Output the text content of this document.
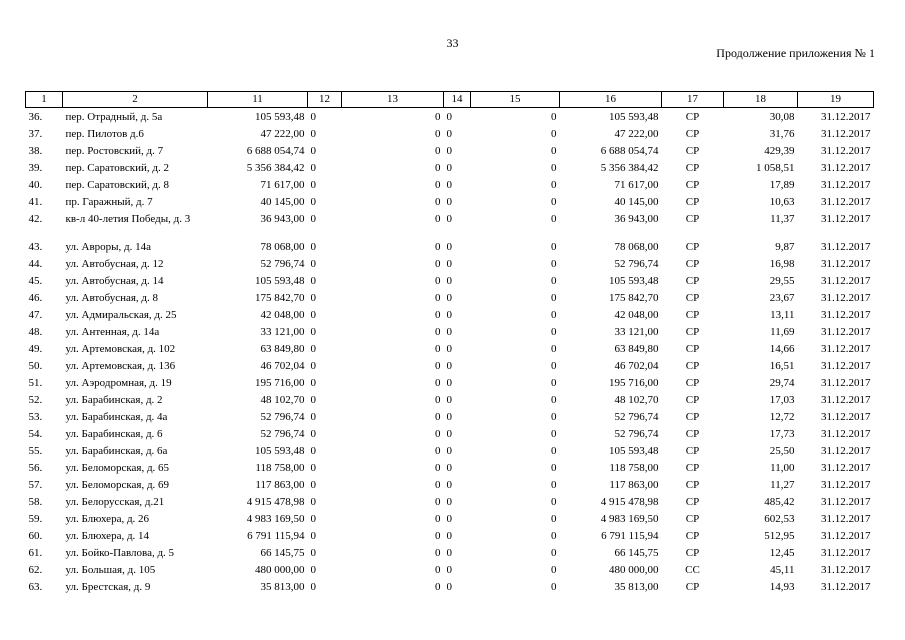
33
Продолжение приложения № 1
1	2	11	12	13	14	15	16	17	18	19
36.	пер. Отрадный, д. 5а	105 593,48	0	0	0	0	105 593,48	СР	30,08	31.12.2017
37.	пер. Пилотов д.6	47 222,00	0	0	0	0	47 222,00	СР	31,76	31.12.2017
38.	пер. Ростовский, д. 7	6 688 054,74	0	0	0	0	6 688 054,74	СР	429,39	31.12.2017
39.	пер. Саратовский, д. 2	5 356 384,42	0	0	0	0	5 356 384,42	СР	1 058,51	31.12.2017
40.	пер. Саратовский, д. 8	71 617,00	0	0	0	0	71 617,00	СР	17,89	31.12.2017
41.	пр. Гаражный, д. 7	40 145,00	0	0	0	0	40 145,00	СР	10,63	31.12.2017
42.	кв-л 40-летия Победы, д. 3	36 943,00	0	0	0	0	36 943,00	СР	11,37	31.12.2017
43.	ул. Авроры, д. 14а	78 068,00	0	0	0	0	78 068,00	СР	9,87	31.12.2017
44.	ул. Автобусная, д. 12	52 796,74	0	0	0	0	52 796,74	СР	16,98	31.12.2017
45.	ул. Автобусная, д. 14	105 593,48	0	0	0	0	105 593,48	СР	29,55	31.12.2017
46.	ул. Автобусная, д. 8	175 842,70	0	0	0	0	175 842,70	СР	23,67	31.12.2017
47.	ул. Адмиральская, д. 25	42 048,00	0	0	0	0	42 048,00	СР	13,11	31.12.2017
48.	ул. Антенная, д. 14а	33 121,00	0	0	0	0	33 121,00	СР	11,69	31.12.2017
49.	ул. Артемовская, д. 102	63 849,80	0	0	0	0	63 849,80	СР	14,66	31.12.2017
50.	ул. Артемовская, д. 136	46 702,04	0	0	0	0	46 702,04	СР	16,51	31.12.2017
51.	ул. Аэродромная, д. 19	195 716,00	0	0	0	0	195 716,00	СР	29,74	31.12.2017
52.	ул. Барабинская, д. 2	48 102,70	0	0	0	0	48 102,70	СР	17,03	31.12.2017
53.	ул. Барабинская, д. 4а	52 796,74	0	0	0	0	52 796,74	СР	12,72	31.12.2017
54.	ул. Барабинская, д. 6	52 796,74	0	0	0	0	52 796,74	СР	17,73	31.12.2017
55.	ул. Барабинская, д. 6а	105 593,48	0	0	0	0	105 593,48	СР	25,50	31.12.2017
56.	ул. Беломорская, д. 65	118 758,00	0	0	0	0	118 758,00	СР	11,00	31.12.2017
57.	ул. Беломорская, д. 69	117 863,00	0	0	0	0	117 863,00	СР	11,27	31.12.2017
58.	ул. Белорусская, д.21	4 915 478,98	0	0	0	0	4 915 478,98	СР	485,42	31.12.2017
59.	ул. Блюхера, д. 26	4 983 169,50	0	0	0	0	4 983 169,50	СР	602,53	31.12.2017
60.	ул. Блюхера, д. 14	6 791 115,94	0	0	0	0	6 791 115,94	СР	512,95	31.12.2017
61.	ул. Бойко-Павлова, д. 5	66 145,75	0	0	0	0	66 145,75	СР	12,45	31.12.2017
62.	ул. Большая, д. 105	480 000,00	0	0	0	0	480 000,00	СС	45,11	31.12.2017
63.	ул. Брестская, д. 9	35 813,00	0	0	0	0	35 813,00	СР	14,93	31.12.2017
